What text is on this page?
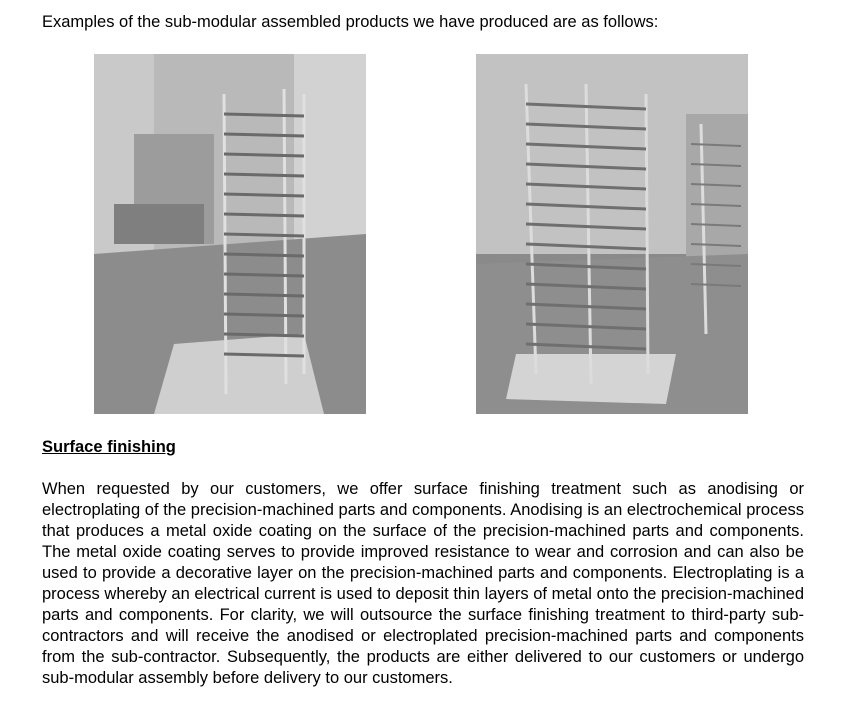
Examples of the sub-modular assembled products we have produced are as follows:
Surface finishing

When requested by our customers, we offer surface finishing treatment such as anodising or electroplating of the precision-machined parts and components. Anodising is an electrochemical process that produces a metal oxide coating on the surface of the precision-machined parts and components. The metal oxide coating serves to provide improved resistance to wear and corrosion and can also be used to provide a decorative layer on the precision-machined parts and components. Electroplating is a process whereby an electrical current is used to deposit thin layers of metal onto the precision-machined parts and components. For clarity, we will outsource the surface finishing treatment to third-party sub-contractors and will receive the anodised or electroplated precision-machined parts and components from the sub-contractor. Subsequently, the products are either delivered to our customers or undergo sub-modular assembly before delivery to our customers.
